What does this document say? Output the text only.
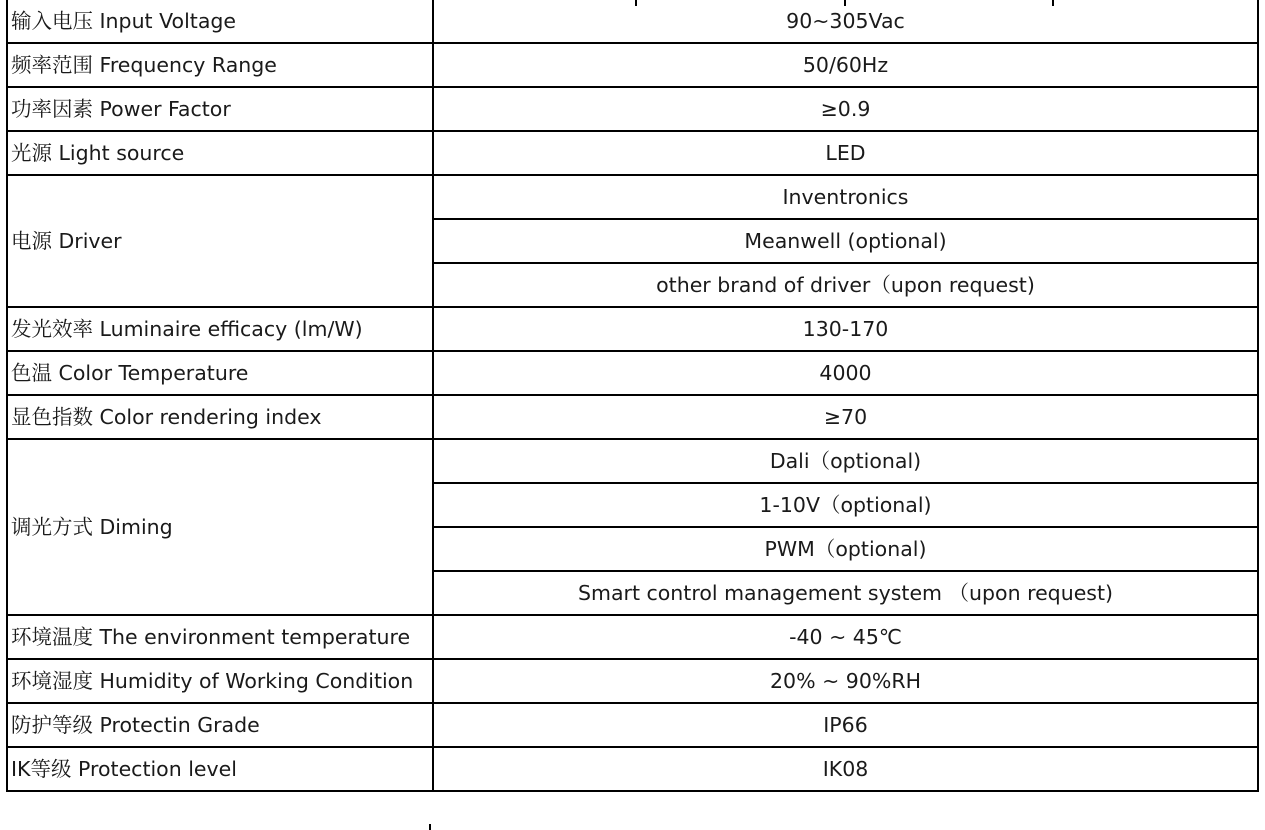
输入电压 Input Voltage	90~305Vac
频率范围 Frequency Range	50/60Hz
功率因素 Power Factor	≥0.9
光源 Light source	LED
电源 Driver	Inventronics
	Meanwell (optional)
	other brand of driver（upon request)
发光效率 Luminaire efficacy (lm/W)	130-170
色温 Color Temperature	4000
显色指数 Color rendering index	≥70
调光方式 Diming	Dali（optional)
	1-10V（optional)
	PWM（optional)
	Smart control management system （upon request)
环境温度 The environment temperature	-40 ~ 45℃
环境湿度 Humidity of Working Condition	20% ~ 90%RH
防护等级 Protectin Grade	IP66
IK等级 Protection level	IK08
